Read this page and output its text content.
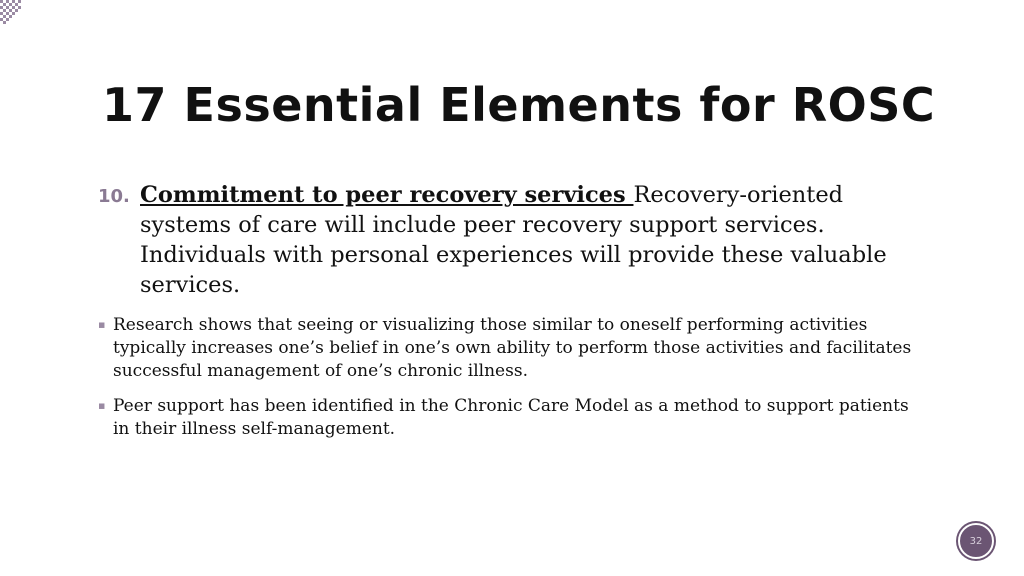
17 Essential Elements for ROSC
10. Commitment to peer recovery services Recovery-oriented systems of care will include peer recovery support services. Individuals with personal experiences will provide these valuable services.
▪ Research shows that seeing or visualizing those similar to oneself performing activities typically increases one’s belief in one’s own ability to perform those activities and facilitates successful management of one’s chronic illness.
▪ Peer support has been identified in the Chronic Care Model as a method to support patients in their illness self-management.
32
